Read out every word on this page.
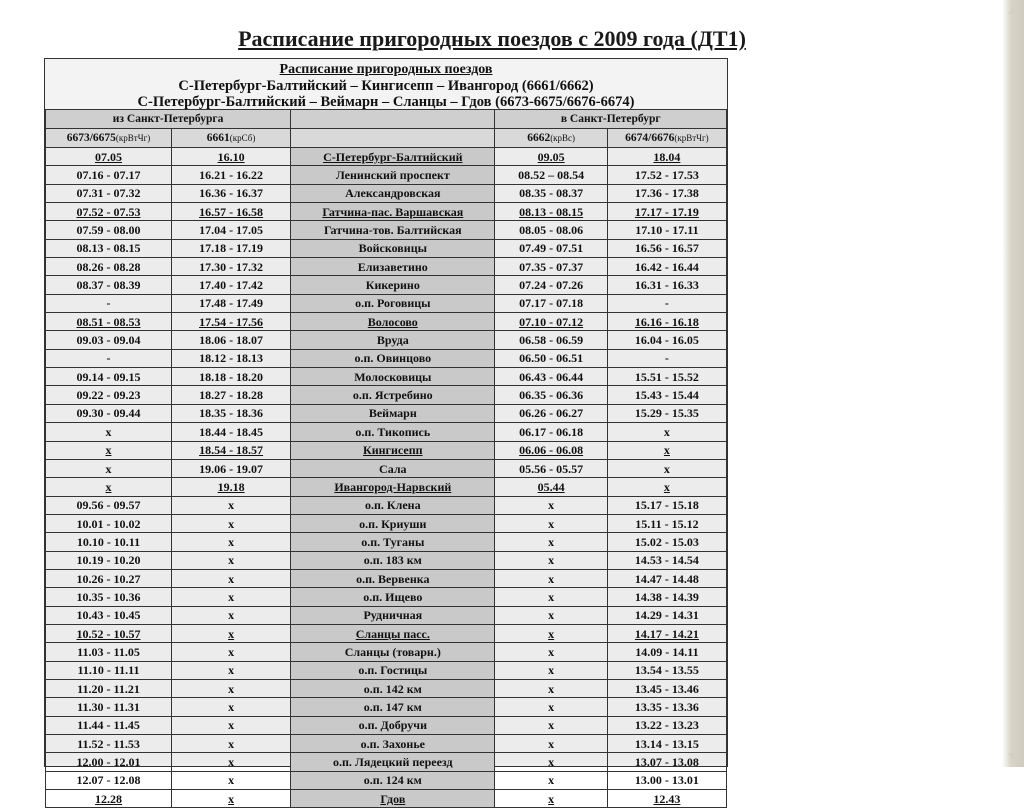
Расписание пригородных поездов с 2009 года (ДТ1)
Расписание пригородных поездов
С-Петербург-Балтийский – Кингисепп – Ивангород (6661/6662)
С-Петербург-Балтийский – Веймарн – Сланцы – Гдов (6673-6675/6676-6674)
из Санкт-Петербурга			в Санкт-Петербург	
6673/6675(крВтЧг)	6661(крСб)		6662(крВс)	6674/6676(крВтЧг)
07.05	16.10	С-Петербург-Балтийский	09.05	18.04
07.16 - 07.17	16.21 - 16.22	Ленинский проспект	08.52 – 08.54	17.52 - 17.53
07.31 - 07.32	16.36 - 16.37	Александровская	08.35 - 08.37	17.36 - 17.38
07.52 - 07.53	16.57 - 16.58	Гатчина-пас. Варшавская	08.13 - 08.15	17.17 - 17.19
07.59 - 08.00	17.04 - 17.05	Гатчина-тов. Балтийская	08.05 - 08.06	17.10 - 17.11
08.13 - 08.15	17.18 - 17.19	Войсковицы	07.49 - 07.51	16.56 - 16.57
08.26 - 08.28	17.30 - 17.32	Елизаветино	07.35 - 07.37	16.42 - 16.44
08.37 - 08.39	17.40 - 17.42	Кикерино	07.24 - 07.26	16.31 - 16.33
-	17.48 - 17.49	о.п. Роговицы	07.17 - 07.18	-
08.51 - 08.53	17.54 - 17.56	Волосово	07.10 - 07.12	16.16 - 16.18
09.03 - 09.04	18.06 - 18.07	Вруда	06.58 - 06.59	16.04 - 16.05
-	18.12 - 18.13	о.п. Овинцово	06.50 - 06.51	-
09.14 - 09.15	18.18 - 18.20	Молосковицы	06.43 - 06.44	15.51 - 15.52
09.22 - 09.23	18.27 - 18.28	о.п. Ястребино	06.35 - 06.36	15.43 - 15.44
09.30 - 09.44	18.35 - 18.36	Веймарн	06.26 - 06.27	15.29 - 15.35
x	18.44 - 18.45	о.п. Тикопись	06.17 - 06.18	x
x	18.54 - 18.57	Кингисепп	06.06 - 06.08	x
x	19.06 - 19.07	Сала	05.56 - 05.57	x
x	19.18	Ивангород-Нарвский	05.44	x
09.56 - 09.57	x	о.п. Клена	x	15.17 - 15.18
10.01 - 10.02	x	о.п. Криуши	x	15.11 - 15.12
10.10 - 10.11	x	о.п. Туганы	x	15.02 - 15.03
10.19 - 10.20	x	о.п. 183 км	x	14.53 - 14.54
10.26 - 10.27	x	о.п. Вервенка	x	14.47 - 14.48
10.35 - 10.36	x	о.п. Ищево	x	14.38 - 14.39
10.43 - 10.45	x	Рудничная	x	14.29 - 14.31
10.52 - 10.57	x	Сланцы пасс.	x	14.17 - 14.21
11.03 - 11.05	x	Сланцы (товарн.)	x	14.09 - 14.11
11.10 - 11.11	x	о.п. Гостицы	x	13.54 - 13.55
11.20 - 11.21	x	о.п. 142 км	x	13.45 - 13.46
11.30 - 11.31	x	о.п. 147 км	x	13.35 - 13.36
11.44 - 11.45	x	о.п. Добручи	x	13.22 - 13.23
11.52 - 11.53	x	о.п. Захонье	x	13.14 - 13.15
12.00 - 12.01	x	о.п. Лядецкий переезд	x	13.07 - 13.08
12.07 - 12.08	x	о.п. 124 км	x	13.00 - 13.01
12.28	x	Гдов	x	12.43
